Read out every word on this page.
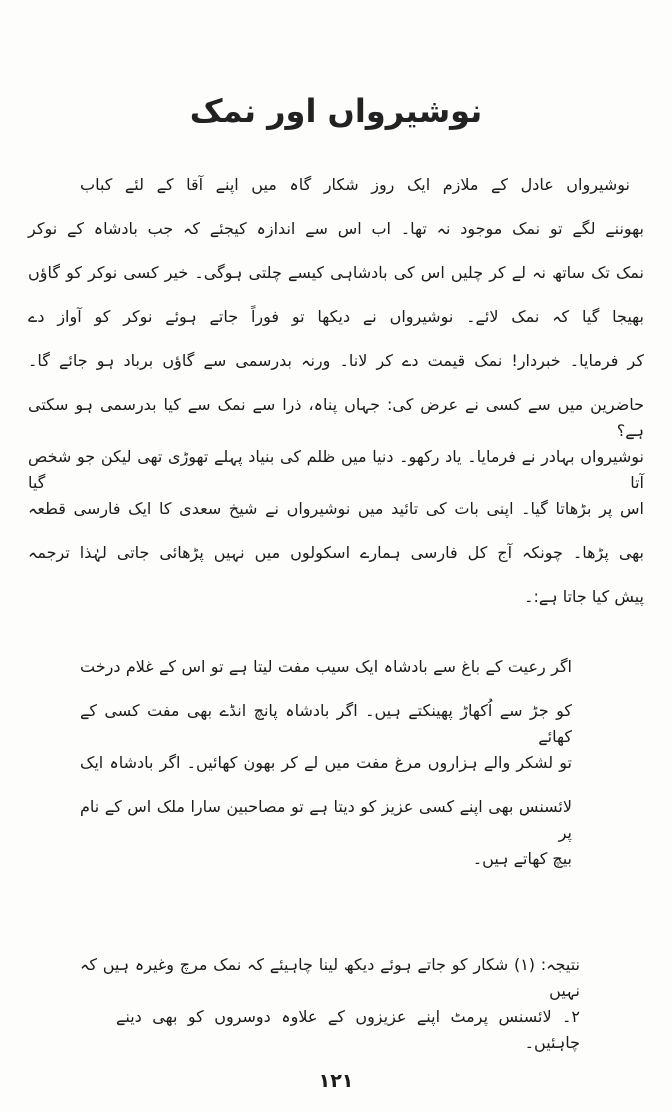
نوشیرواں اور نمک
نوشیرواں عادل کے ملازم ایک روز شکار گاہ میں اپنے آقا کے لئے کباب
بھوننے لگے تو نمک موجود نہ تھا۔ اب اس سے اندازہ کیجئے کہ جب بادشاہ کے نوکر
نمک تک ساتھ نہ لے کر چلیں اس کی بادشاہی کیسے چلتی ہوگی۔ خیر کسی نوکر کو گاؤں
بھیجا گیا کہ نمک لائے۔ نوشیرواں نے دیکھا تو فوراً جاتے ہوئے نوکر کو آواز دے
کر فرمایا۔ خبردار! نمک قیمت دے کر لانا۔ ورنہ بدرسمی سے گاؤں برباد ہو جائے گا۔
حاضرین میں سے کسی نے عرض کی: جہاں پناہ، ذرا سے نمک سے کیا بدرسمی ہو سکتی ہے؟
نوشیرواں بہادر نے فرمایا۔ یاد رکھو۔ دنیا میں ظلم کی بنیاد پہلے تھوڑی تھی لیکن جو شخص آتا گیا
اس پر بڑھاتا گیا۔ اپنی بات کی تائید میں نوشیرواں نے شیخ سعدی کا ایک فارسی قطعہ
بھی پڑھا۔ چونکہ آج کل فارسی ہمارے اسکولوں میں نہیں پڑھائی جاتی لہٰذا ترجمہ
پیش کیا جاتا ہے:۔
اگر رعیت کے باغ سے بادشاہ ایک سیب مفت لیتا ہے تو اس کے غلام درخت
کو جڑ سے اُکھاڑ پھینکتے ہیں۔ اگر بادشاہ پانچ انڈے بھی مفت کسی کے کھائے
تو لشکر والے ہزاروں مرغ مفت میں لے کر بھون کھائیں۔ اگر بادشاہ ایک
لائسنس بھی اپنے کسی عزیز کو دیتا ہے تو مصاحبین سارا ملک اس کے نام پر
بیچ کھاتے ہیں۔
نتیجہ: (۱) شکار کو جاتے ہوئے دیکھ لینا چاہیئے کہ نمک مرچ وغیرہ ہیں کہ نہیں
۲۔ لائسنس پرمٹ اپنے عزیزوں کے علاوہ دوسروں کو بھی دینے چاہئیں۔
۱۲۱
